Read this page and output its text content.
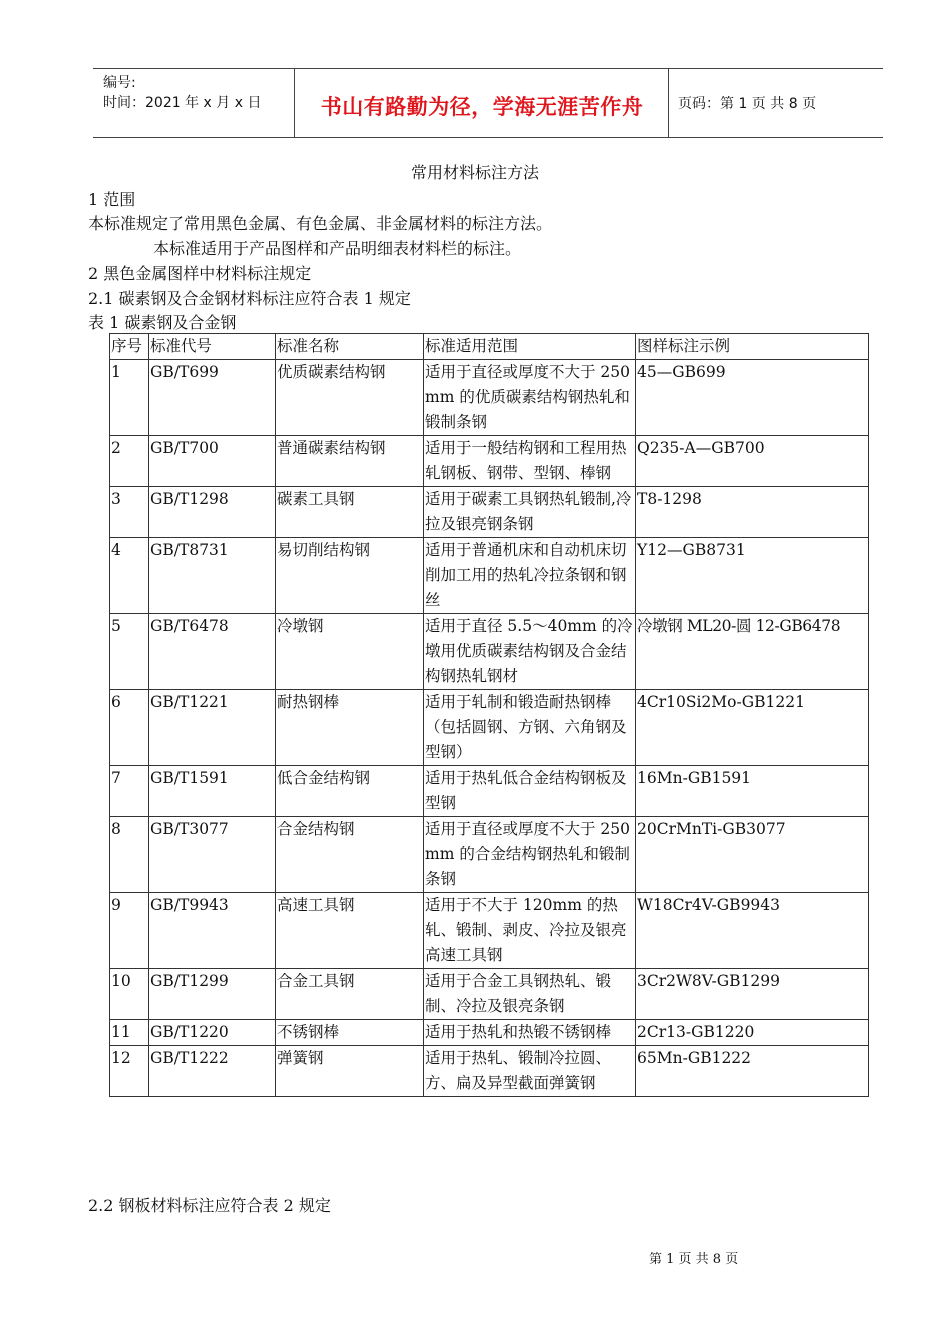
编号:
时间：2021 年 x 月 x 日	书山有路勤为径，学海无涯苦作舟	页码：第 1 页 共 8 页
常用材料标注方法
1 范围
本标准规定了常用黑色金属、有色金属、非金属材料的标注方法。
本标准适用于产品图样和产品明细表材料栏的标注。
2 黑色金属图样中材料标注规定
2.1 碳素钢及合金钢材料标注应符合表 1 规定
表 1 碳素钢及合金钢
序号	标准代号	标准名称	标准适用范围	图样标注示例
1	GB/T699	优质碳素结构钢	适用于直径或厚度不大于 250mm 的优质碳素结构钢热轧和锻制条钢	45—GB699
2	GB/T700	普通碳素结构钢	适用于一般结构钢和工程用热轧钢板、钢带、型钢、棒钢	Q235-A—GB700
3	GB/T1298	碳素工具钢	适用于碳素工具钢热轧锻制,冷拉及银亮钢条钢	T8-1298
4	GB/T8731	易切削结构钢	适用于普通机床和自动机床切削加工用的热轧冷拉条钢和钢丝	Y12—GB8731
5	GB/T6478	冷墩钢	适用于直径 5.5～40mm 的冷墩用优质碳素结构钢及合金结构钢热轧钢材	冷墩钢 ML20-圆 12-GB6478
6	GB/T1221	耐热钢棒	适用于轧制和锻造耐热钢棒（包括圆钢、方钢、六角钢及型钢）	4Cr10Si2Mo-GB1221
7	GB/T1591	低合金结构钢	适用于热轧低合金结构钢板及型钢	16Mn-GB1591
8	GB/T3077	合金结构钢	适用于直径或厚度不大于 250mm 的合金结构钢热轧和锻制条钢	20CrMnTi-GB3077
9	GB/T9943	高速工具钢	适用于不大于 120mm 的热轧、锻制、剥皮、冷拉及银亮高速工具钢	W18Cr4V-GB9943
10	GB/T1299	合金工具钢	适用于合金工具钢热轧、锻制、冷拉及银亮条钢	3Cr2W8V-GB1299
11	GB/T1220	不锈钢棒	适用于热轧和热锻不锈钢棒	2Cr13-GB1220
12	GB/T1222	弹簧钢	适用于热轧、锻制冷拉圆、方、扁及异型截面弹簧钢	65Mn-GB1222
2.2 钢板材料标注应符合表 2 规定
第 1 页 共 8 页
